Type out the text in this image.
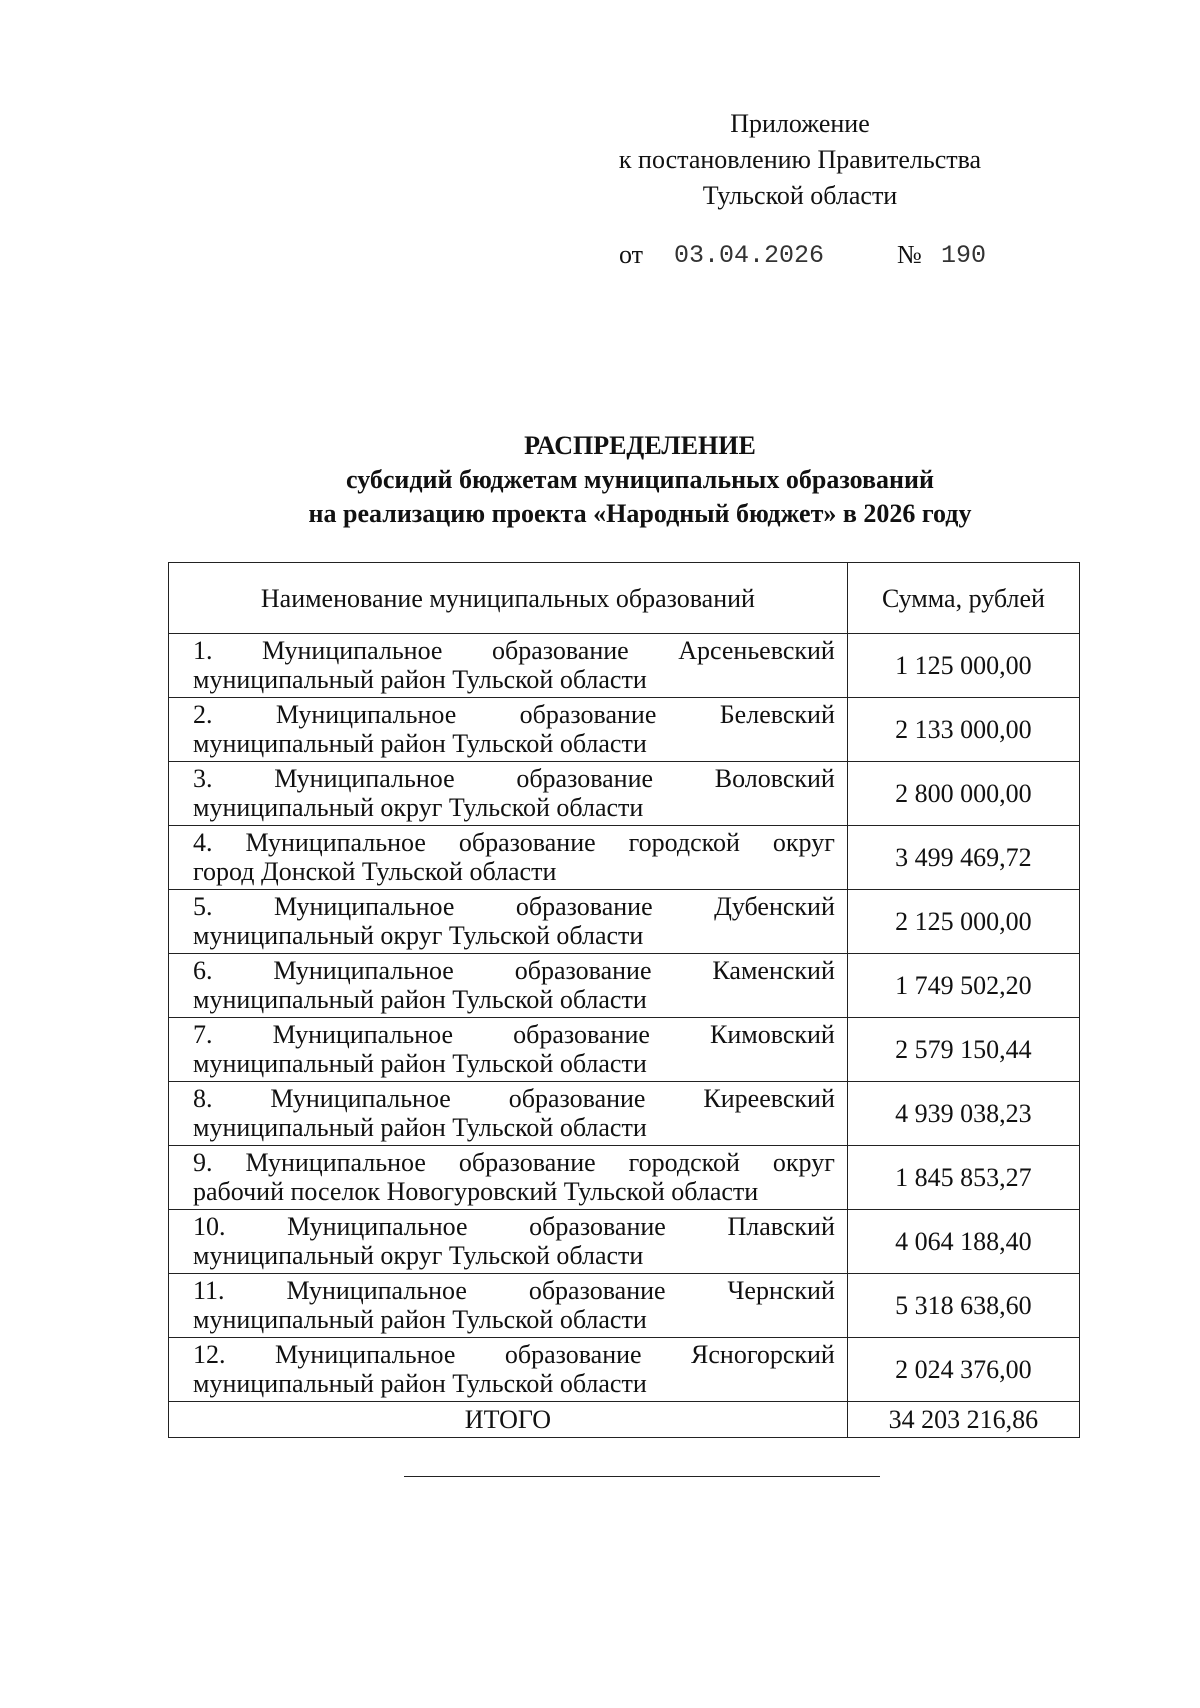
Приложение
к постановлению Правительства
Тульской области
от 03.04.2026	№ 190
РАСПРЕДЕЛЕНИЕ
субсидий бюджетам муниципальных образований
на реализацию проекта «Народный бюджет» в 2026 году
Наименование муниципальных образований	Сумма, рублей

1. Муниципальное образование Арсеньевский
муниципальный район Тульской области	1 125 000,00

2. Муниципальное образование Белевский
муниципальный район Тульской области	2 133 000,00

3. Муниципальное образование Воловский
муниципальный округ Тульской области	2 800 000,00

4. Муниципальное образование городской округ
город Донской Тульской области	3 499 469,72

5. Муниципальное образование Дубенский
муниципальный округ Тульской области	2 125 000,00

6. Муниципальное образование Каменский
муниципальный район Тульской области	1 749 502,20

7. Муниципальное образование Кимовский
муниципальный район Тульской области	2 579 150,44

8. Муниципальное образование Киреевский
муниципальный район Тульской области	4 939 038,23

9. Муниципальное образование городской округ
рабочий поселок Новогуровский Тульской области	1 845 853,27

10. Муниципальное образование Плавский
муниципальный округ Тульской области	4 064 188,40

11. Муниципальное образование Чернский
муниципальный район Тульской области	5 318 638,60

12. Муниципальное образование Ясногорский
муниципальный район Тульской области	2 024 376,00
ИТОГО	34 203 216,86
